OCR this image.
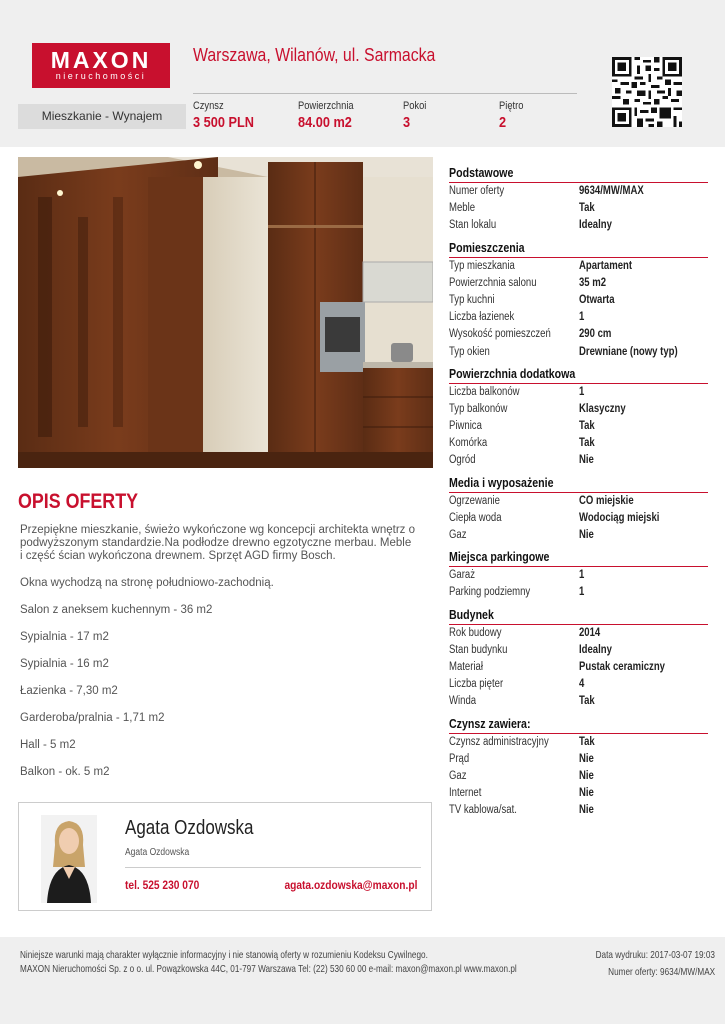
MAXON
nieruchomości
Warszawa, Wilanów, ul. Sarmacka
Mieszkanie - Wynajem
Czynsz
3 500 PLN
Powierzchnia
84.00 m2
Pokoi
3
Piętro
2
OPIS OFERTY

Przepiękne mieszkanie, świeżo wykończone wg koncepcji architekta wnętrz o podwyższonym standardzie.Na podłodze drewno egzotyczne merbau. Meble i część ścian wykończona drewnem. Sprzęt AGD firmy Bosch.

Okna wychodzą na stronę południowo-zachodnią.

Salon z aneksem kuchennym - 36 m2

Sypialnia - 17 m2

Sypialnia - 16 m2

Łazienka - 7,30 m2

Garderoba/pralnia - 1,71 m2

Hall - 5 m2

Balkon - ok. 5 m2

Agata Ozdowska
Agata Ozdowska
tel. 525 230 070	agata.ozdowska@maxon.pl
Podstawowe
Numer oferty	9634/MW/MAX
Meble	Tak
Stan lokalu	Idealny
Pomieszczenia
Typ mieszkania	Apartament
Powierzchnia salonu	35 m2
Typ kuchni	Otwarta
Liczba łazienek	1
Wysokość pomieszczeń 290 cm
Typ okien	Drewniane (nowy typ)
Powierzchnia dodatkowa
Liczba balkonów	1
Typ balkonów	Klasyczny
Piwnica	Tak
Komórka	Tak
Ogród	Nie
Media i wyposażenie
Ogrzewanie	CO miejskie
Ciepła woda	Wodociąg miejski
Gaz	Nie
Miejsca parkingowe
Garaż	1
Parking podziemny	1
Budynek
Rok budowy	2014
Stan budynku	Idealny
Materiał	Pustak ceramiczny
Liczba pięter	4
Winda	Tak
Czynsz zawiera:
Czynsz administracyjny	Tak
Prąd	Nie
Gaz	Nie
Internet	Nie
TV kablowa/sat.	Nie
Niniejsze warunki mają charakter wyłącznie informacyjny i nie stanowią oferty w rozumieniu Kodeksu Cywilnego.
MAXON Nieruchomości Sp. z o o. ul. Powązkowska 44C, 01-797 Warszawa Tel: (22) 530 60 00 e-mail: maxon@maxon.pl www.maxon.pl
Data wydruku: 2017-03-07 19:03
Numer oferty: 9634/MW/MAX
